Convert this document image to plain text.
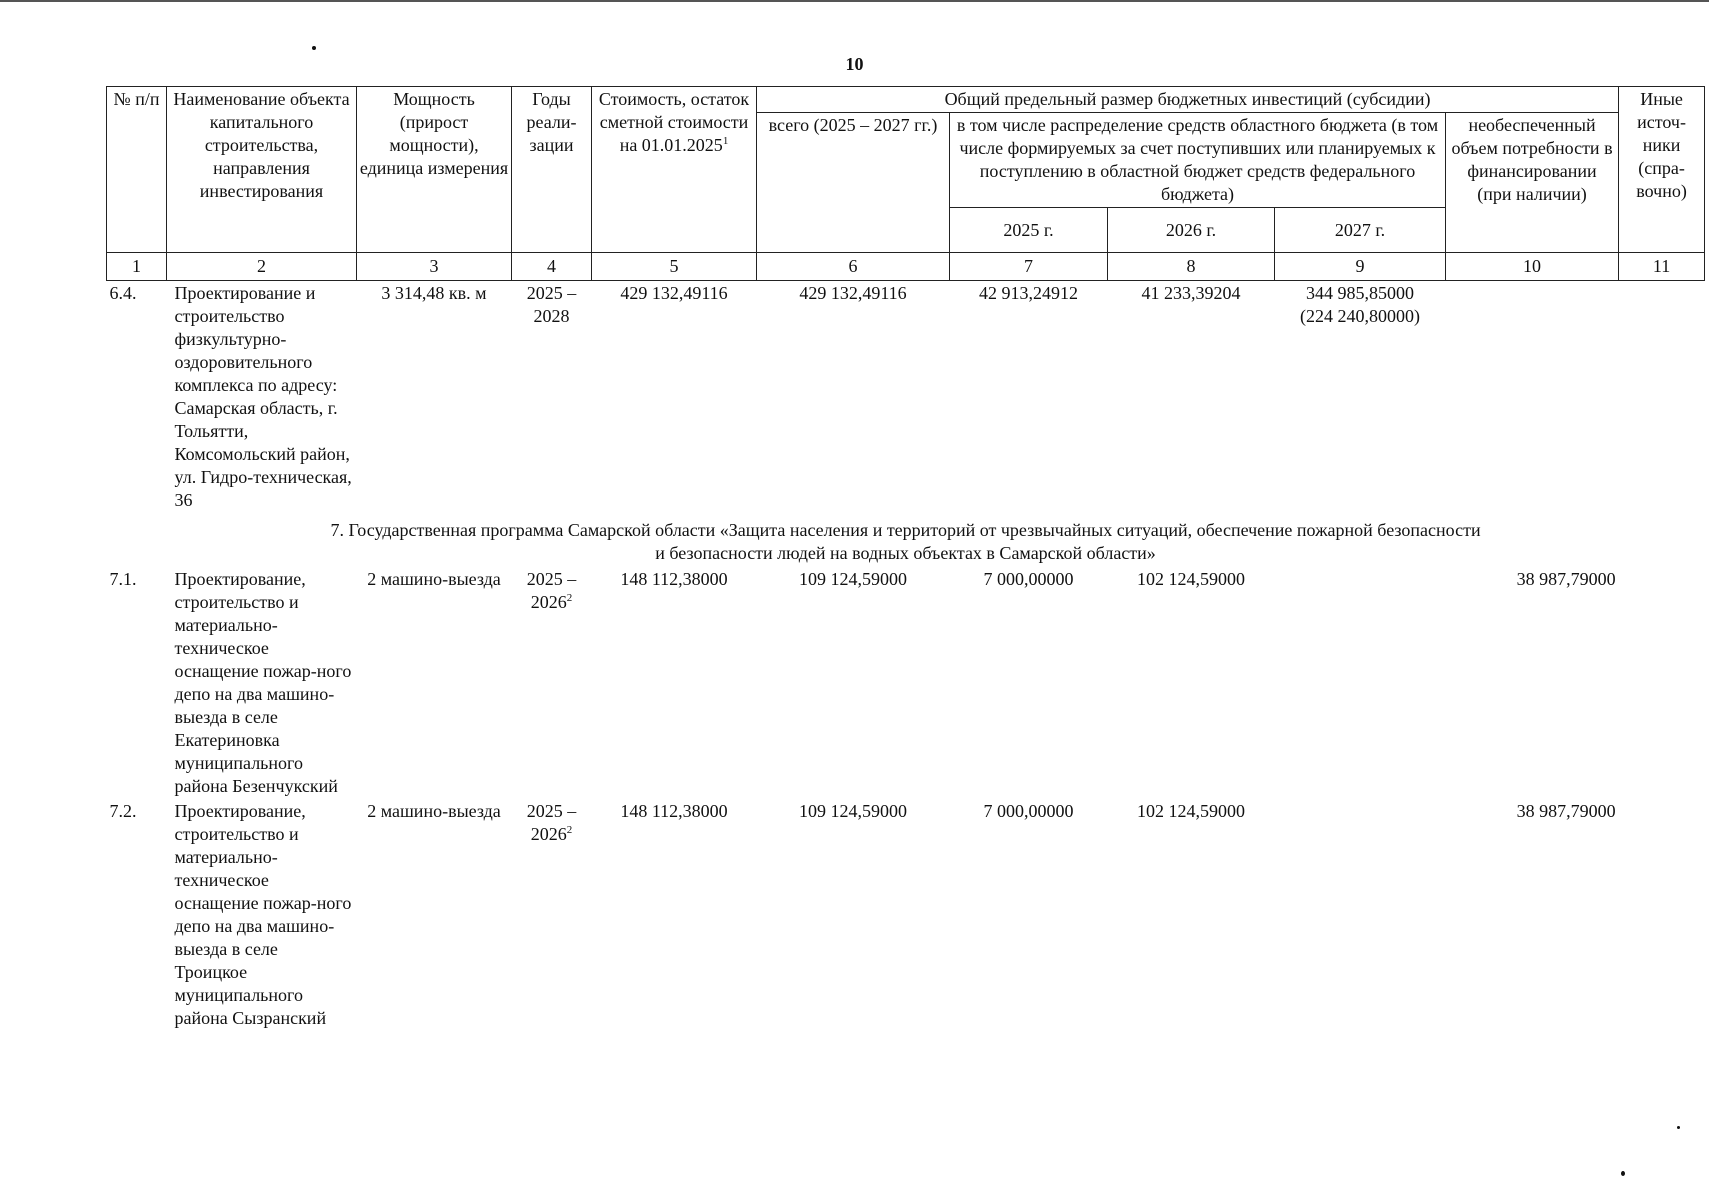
10
№ п/п	Наименование объекта капитального строительства, направления инвестирования	Мощность (прирост мощности), единица измерения	Годы реали-зации	Стоимость, остаток сметной стоимости на 01.01.2025$^1$	Общий предельный размер бюджетных инвестиций (субсидии)					Иные источ-ники (спра-вочно)
					всего (2025 – 2027 гг.)	в том числе распределение средств областного бюджета (в том числе формируемых за счет поступивших или планируемых к поступлению в областной бюджет средств федерального бюджета)			необеспеченный объем потребности в финансировании (при наличии)	
						2025 г.	2026 г.	2027 г.		
1	2	3	4	5	6	7	8	9	10	11
6.4.	Проектирование и строительство физкультурно-оздоровительного комплекса по адресу: Самарская область, г. Тольятти, Комсомольский район, ул. Гидро-техническая, 36	3 314,48 кв. м	2025 – 2028	429 132,49116	429 132,49116	42 913,24912	41 233,39204	344 985,85000
(224 240,80000)		

7. Государственная программа Самарской области «Защита населения и территорий от чрезвычайных ситуаций, обеспечение пожарной безопасности
и безопасности людей на водных объектах в Самарской области»										

7.1.	Проектирование, строительство и материально-техническое оснащение пожар-ного депо на два машино-выезда в селе Екатериновка муниципального района Безенчукский	2 машино-выезда	2025 – 2026$^2$	148 112,38000	109 124,59000	7 000,00000	102 124,59000		38 987,79000	
7.2.	Проектирование, строительство и материально-техническое оснащение пожар-ного депо на два машино-выезда в селе Троицкое муниципального района Сызранский	2 машино-выезда	2025 – 2026$^2$	148 112,38000	109 124,59000	7 000,00000	102 124,59000		38 987,79000	
